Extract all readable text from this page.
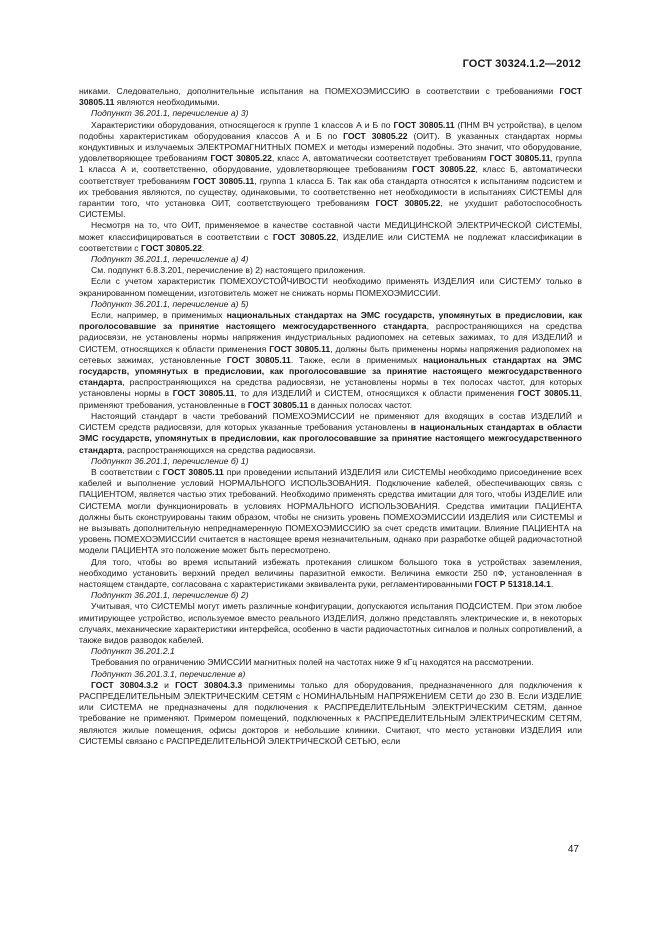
ГОСТ 30324.1.2—2012

никами. Следовательно, дополнительные испытания на ПОМЕХОЭМИССИЮ в соответствии с требованиями ГОСТ 30805.11 являются необходимыми.

Подпункт 36.201.1, перечисление а) 3)

Характеристики оборудования, относящегося к группе 1 классов А и Б по ГОСТ 30805.11 (ПНМ ВЧ устройства), в целом подобны характеристикам оборудования классов А и Б по ГОСТ 30805.22 (ОИТ). В указанных стандартах нормы кондуктивных и излучаемых ЭЛЕКТРОМАГНИТНЫХ ПОМЕХ и методы измерений подобны. Это значит, что оборудование, удовлетворяющее требованиям ГОСТ 30805.22, класс А, автоматически соответствует требованиям ГОСТ 30805.11, группа 1 класса А и, соответственно, оборудование, удовлетворяющее требованиям ГОСТ 30805.22, класс Б, автоматически соответствует требованиям ГОСТ 30805.11, группа 1 класса Б. Так как оба стандарта относятся к испытаниям подсистем и их требования являются, по существу, одинаковыми, то соответственно нет необходимости в испытаниях СИСТЕМЫ для гарантии того, что установка ОИТ, соответствующего требованиям ГОСТ 30805.22, не ухудшит работоспособность СИСТЕМЫ.

Несмотря на то, что ОИТ, применяемое в качестве составной части МЕДИЦИНСКОЙ ЭЛЕКТРИЧЕСКОЙ СИСТЕМЫ, может классифицироваться в соответствии с ГОСТ 30805.22, ИЗДЕЛИЕ или СИСТЕМА не подлежат классификации в соответствии с ГОСТ 30805.22.

Подпункт 36.201.1, перечисление а) 4)

См. подпункт 6.8.3.201, перечисление в) 2) настоящего приложения.

Если с учетом характеристик ПОМЕХОУСТОЙЧИВОСТИ необходимо применять ИЗДЕЛИЯ или СИСТЕМУ только в экранированном помещении, изготовитель может не снижать нормы ПОМЕХОЭМИССИИ.

Подпункт 36.201.1, перечисление а) 5)

Если, например, в применимых национальных стандартах на ЭМС государств, упомянутых в предисловии, как проголосовавшие за принятие настоящего межгосударственного стандарта, распространяющихся на средства радиосвязи, не установлены нормы напряжения индустриальных радиопомех на сетевых зажимах, то для ИЗДЕЛИЙ и СИСТЕМ, относящихся к области применения ГОСТ 30805.11, должны быть применены нормы напряжения радиопомех на сетевых зажимах, установленные ГОСТ 30805.11. Также, если в применимых национальных стандартах на ЭМС государств, упомянутых в предисловии, как проголосовавшие за принятие настоящего межгосударственного стандарта, распространяющихся на средства радиосвязи, не установлены нормы в тех полосах частот, для которых установлены нормы в ГОСТ 30805.11, то для ИЗДЕЛИЙ и СИСТЕМ, относящихся к области применения ГОСТ 30805.11, применяют требования, установленные в ГОСТ 30805.11 в данных полосах частот.

Настоящий стандарт в части требований ПОМЕХОЭМИССИИ не применяют для входящих в состав ИЗДЕЛИЙ и СИСТЕМ средств радиосвязи, для которых указанные требования установлены в национальных стандартах в области ЭМС государств, упомянутых в предисловии, как проголосовавшие за принятие настоящего межгосударственного стандарта, распространяющихся на средства радиосвязи.

Подпункт 36.201.1, перечисление б) 1)

В соответствии с ГОСТ 30805.11 при проведении испытаний ИЗДЕЛИЯ или СИСТЕМЫ необходимо присоединение всех кабелей и выполнение условий НОРМАЛЬНОГО ИСПОЛЬЗОВАНИЯ. Подключение кабелей, обеспечивающих связь с ПАЦИЕНТОМ, является частью этих требований. Необходимо применять средства имитации для того, чтобы ИЗДЕЛИЕ или СИСТЕМА могли функционировать в условиях НОРМАЛЬНОГО ИСПОЛЬЗОВАНИЯ. Средства имитации ПАЦИЕНТА должны быть сконструированы таким образом, чтобы не снизить уровень ПОМЕХОЭМИССИИ ИЗДЕЛИЯ или СИСТЕМЫ и не вызывать дополнительную непреднамеренную ПОМЕХОЭМИССИЮ за счет средств имитации. Влияние ПАЦИЕНТА на уровень ПОМЕХОЭМИССИИ считается в настоящее время незначительным, однако при разработке общей радиочастотной модели ПАЦИЕНТА это положение может быть пересмотрено.

Для того, чтобы во время испытаний избежать протекания слишком большого тока в устройствах заземления, необходимо установить верхний предел величины паразитной емкости. Величина емкости 250 пФ, установленная в настоящем стандарте, согласована с характеристиками эквивалента руки, регламентированными ГОСТ Р 51318.14.1.

Подпункт 36.201.1, перечисление б) 2)

Учитывая, что СИСТЕМЫ могут иметь различные конфигурации, допускаются испытания ПОДСИСТЕМ. При этом любое имитирующее устройство, используемое вместо реального ИЗДЕЛИЯ, должно представлять электрические и, в некоторых случаях, механические характеристики интерфейса, особенно в части радиочастотных сигналов и полных сопротивлений, а также видов разводок кабелей.

Подпункт 36.201.2.1

Требования по ограничению ЭМИССИИ магнитных полей на частотах ниже 9 кГц находятся на рассмотрении.

Подпункт 36.201.3.1, перечисление в)

ГОСТ 30804.3.2 и ГОСТ 30804.3.3 применимы только для оборудования, предназначенного для подключения к РАСПРЕДЕЛИТЕЛЬНЫМ ЭЛЕКТРИЧЕСКИМ СЕТЯМ с НОМИНАЛЬНЫМ НАПРЯЖЕНИЕМ СЕТИ до 230 В. Если ИЗДЕЛИЕ или СИСТЕМА не предназначены для подключения к РАСПРЕДЕЛИТЕЛЬНЫМ ЭЛЕКТРИЧЕСКИМ СЕТЯМ, данное требование не применяют. Примером помещений, подключенных к РАСПРЕДЕЛИТЕЛЬНЫМ ЭЛЕКТРИЧЕСКИМ СЕТЯМ, являются жилые помещения, офисы докторов и небольшие клиники. Считают, что место установки ИЗДЕЛИЯ или СИСТЕМЫ связано с РАСПРЕДЕЛИТЕЛЬНОЙ ЭЛЕКТРИЧЕСКОЙ СЕТЬЮ, если

47
